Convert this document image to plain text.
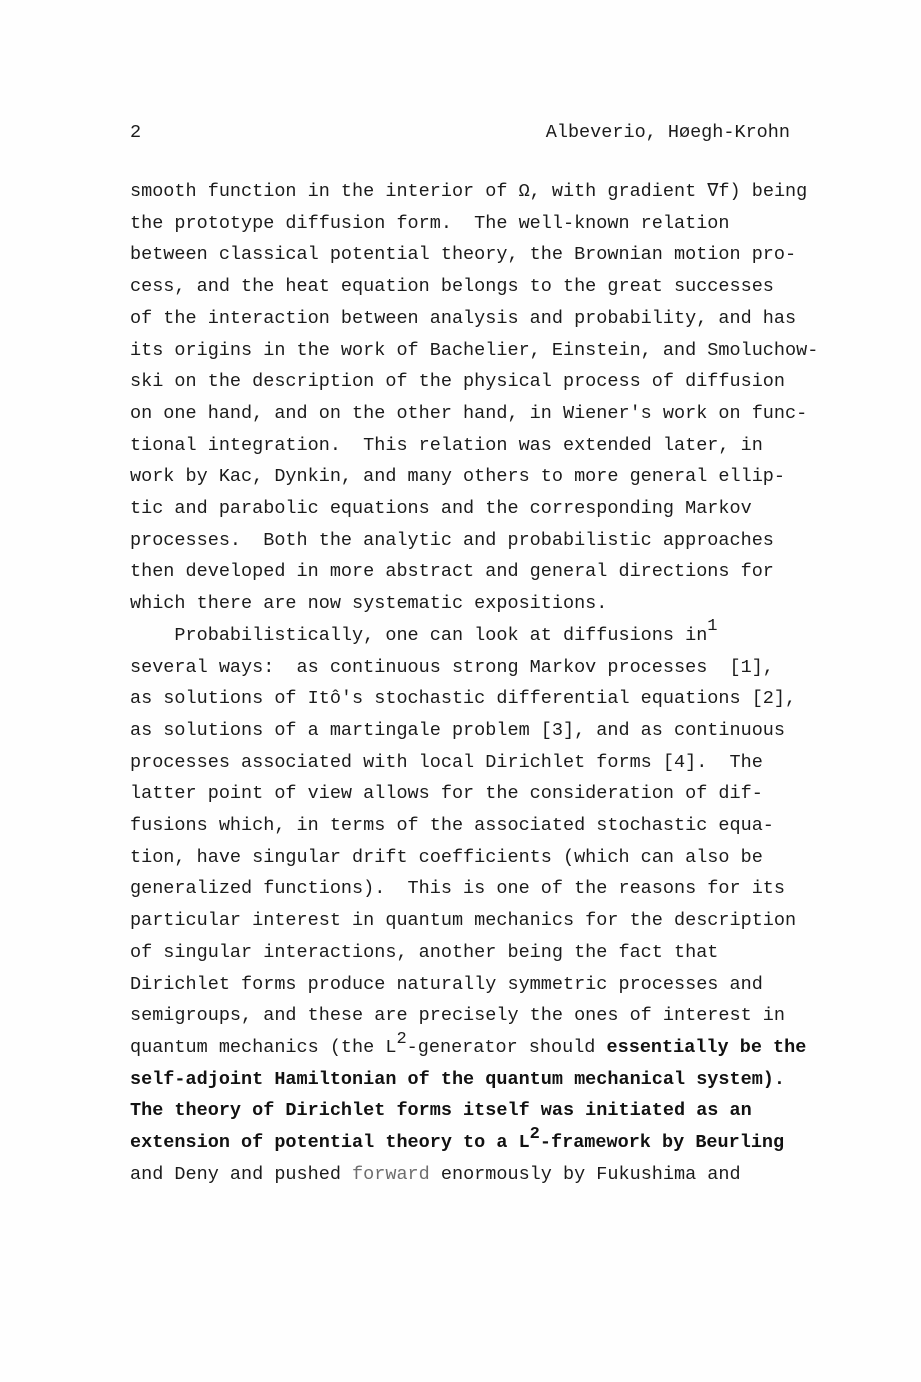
2	Albeverio, Høegh-Krohn
smooth function in the interior of Ω, with gradient ∇f) being
the prototype diffusion form.  The well-known relation
between classical potential theory, the Brownian motion pro-
cess, and the heat equation belongs to the great successes
of the interaction between analysis and probability, and has
its origins in the work of Bachelier, Einstein, and Smoluchow-
ski on the description of the physical process of diffusion
on one hand, and on the other hand, in Wiener's work on func-
tional integration.  This relation was extended later, in
work by Kac, Dynkin, and many others to more general ellip-
tic and parabolic equations and the corresponding Markov
processes.  Both the analytic and probabilistic approaches
then developed in more abstract and general directions for
which there are now systematic expositions.
Probabilistically, one can look at diffusions $in^1$
several ways:  as continuous strong Markov processes  [1],
as solutions of Itô's stochastic differential equations [2],
as solutions of a martingale problem [3], and as continuous
processes associated with local Dirichlet forms [4].  The
latter point of view allows for the consideration of dif-
fusions which, in terms of the associated stochastic equa-
tion, have singular drift coefficients (which can also be
generalized functions).  This is one of the reasons for its
particular interest in quantum mechanics for the description
of singular interactions, another being the fact that
Dirichlet forms produce naturally symmetric processes and
semigroups, and these are precisely the ones of interest in
quantum mechanics (the $L^2$-generator should essentially be the
self-adjoint Hamiltonian of the quantum mechanical system).
The theory of Dirichlet forms itself was initiated as an
extension of potential theory to a $L^2$-framework by Beurling
and Deny and pushed forward enormously by Fukushima and
